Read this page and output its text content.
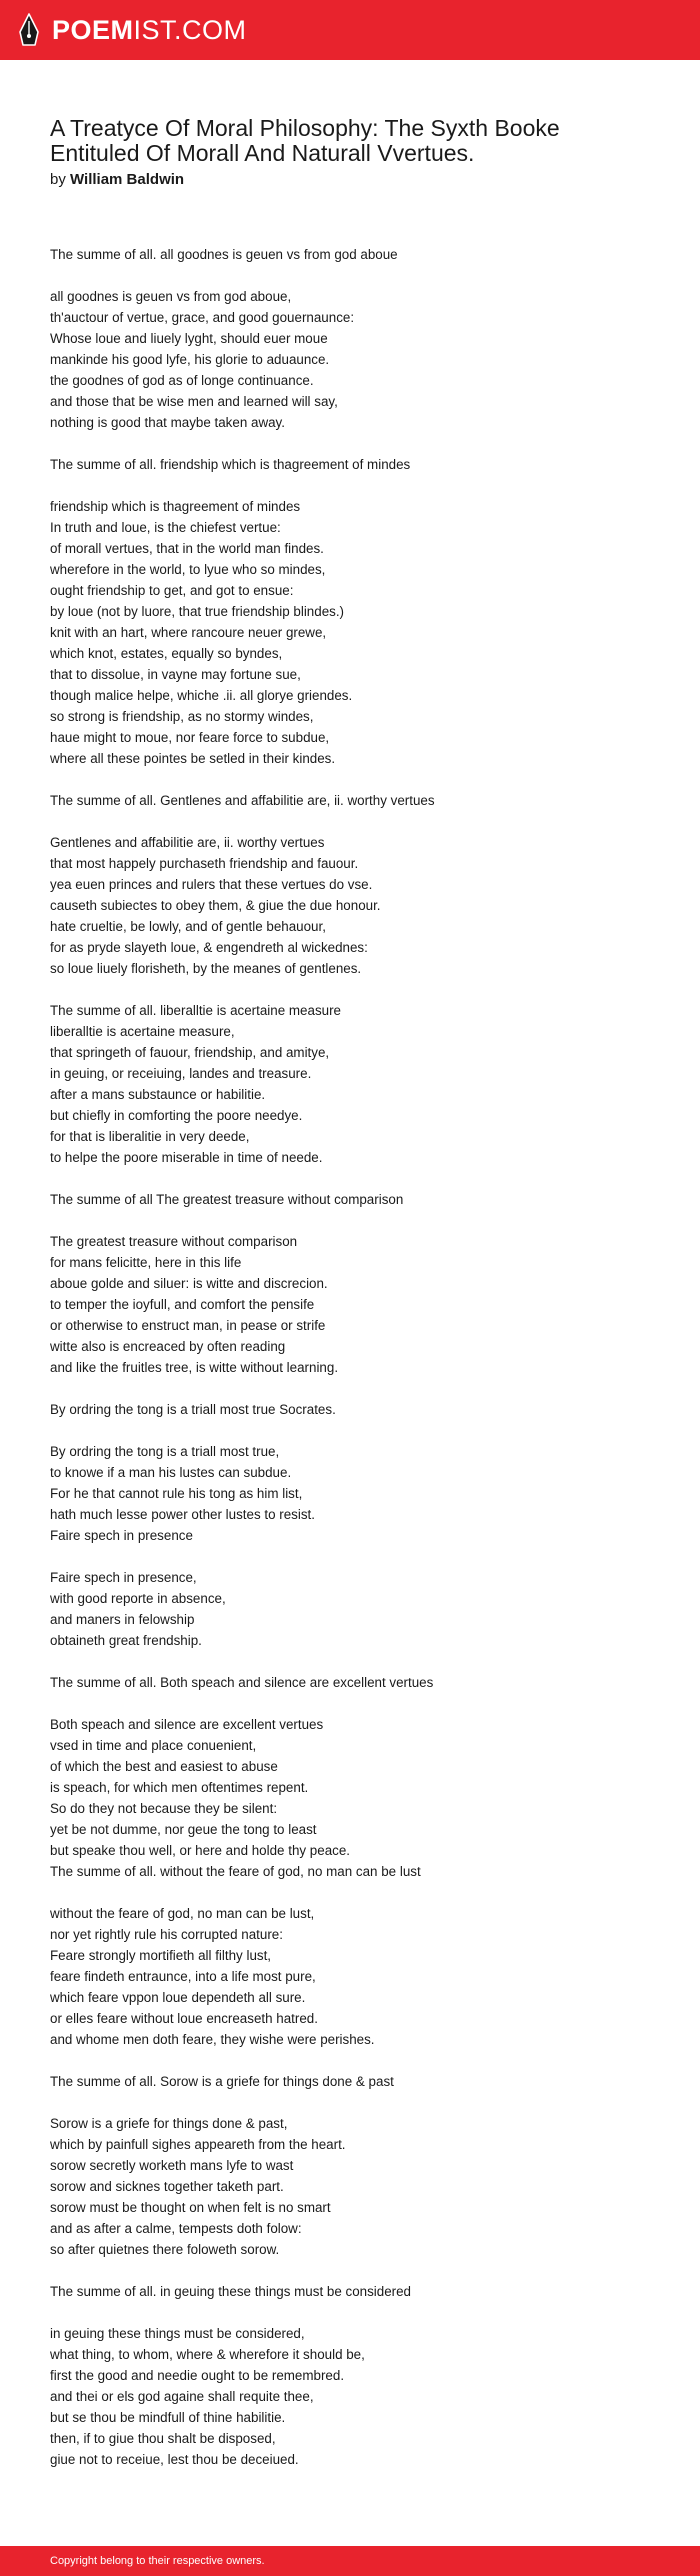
POEMIST.COM
A Treatyce Of Moral Philosophy: The Syxth Booke Entituled Of Morall And Naturall Vvertues.
by William Baldwin
The summe of all. all goodnes is geuen vs from god aboue
all goodnes is geuen vs from god aboue,
th'auctour of vertue, grace, and good gouernaunce:
Whose loue and liuely lyght, should euer moue
mankinde his good lyfe, his glorie to aduaunce.
the goodnes of god as of longe continuance.
and those that be wise men and learned will say,
nothing is good that maybe taken away.
The summe of all. friendship which is thagreement of mindes
friendship which is thagreement of mindes
In truth and loue, is the chiefest vertue:
of morall vertues, that in the world man findes.
wherefore in the world, to lyue who so mindes,
ought friendship to get, and got to ensue:
by loue (not by luore, that true friendship blindes.)
knit with an hart, where rancoure neuer grewe,
which knot, estates, equally so byndes,
that to dissolue, in vayne may fortune sue,
though malice helpe, whiche .ii. all glorye griendes.
so strong is friendship, as no stormy windes,
haue might to moue, nor feare force to subdue,
where all these pointes be setled in their kindes.
The summe of all. Gentlenes and affabilitie are, ii. worthy vertues
Gentlenes and affabilitie are, ii. worthy vertues
that most happely purchaseth friendship and fauour.
yea euen princes and rulers that these vertues do vse.
causeth subiectes to obey them, & giue the due honour.
hate crueltie, be lowly, and of gentle behauour,
for as pryde slayeth loue, & engendreth al wickednes:
so loue liuely florisheth, by the meanes of gentlenes.
The summe of all. liberalltie is acertaine measure
liberalltie is acertaine measure,
that springeth of fauour, friendship, and amitye,
in geuing, or receiuing, landes and treasure.
after a mans substaunce or habilitie.
but chiefly in comforting the poore needye.
for that is liberalitie in very deede,
to helpe the poore miserable in time of neede.
The summe of all The greatest treasure without comparison
The greatest treasure without comparison
for mans felicitte, here in this life
aboue golde and siluer: is witte and discrecion.
to temper the ioyfull, and comfort the pensife
or otherwise to enstruct man, in pease or strife
witte also is encreaced by often reading
and like the fruitles tree, is witte without learning.
By ordring the tong is a triall most true Socrates.
By ordring the tong is a triall most true,
to knowe if a man his lustes can subdue.
For he that cannot rule his tong as him list,
hath much lesse power other lustes to resist.
Faire spech in presence
Faire spech in presence,
with good reporte in absence,
and maners in felowship
obtaineth great frendship.
The summe of all. Both speach and silence are excellent vertues
Both speach and silence are excellent vertues
vsed in time and place conuenient,
of which the best and easiest to abuse
is speach, for which men oftentimes repent.
So do they not because they be silent:
yet be not dumme, nor geue the tong to least
but speake thou well, or here and holde thy peace.
The summe of all. without the feare of god, no man can be lust
without the feare of god, no man can be lust,
nor yet rightly rule his corrupted nature:
Feare strongly mortifieth all filthy lust,
feare findeth entraunce, into a life most pure,
which feare vppon loue dependeth all sure.
or elles feare without loue encreaseth hatred.
and whome men doth feare, they wishe were perishes.
The summe of all. Sorow is a griefe for things done & past
Sorow is a griefe for things done & past,
which by painfull sighes appeareth from the heart.
sorow secretly worketh mans lyfe to wast
sorow and sicknes together taketh part.
sorow must be thought on when felt is no smart
and as after a calme, tempests doth folow:
so after quietnes there foloweth sorow.
The summe of all. in geuing these things must be considered
in geuing these things must be considered,
what thing, to whom, where & wherefore it should be,
first the good and needie ought to be remembred.
and thei or els god againe shall requite thee,
but se thou be mindfull of thine habilitie.
then, if to giue thou shalt be disposed,
giue not to receiue, lest thou be deceiued.
Copyright belong to their respective owners.
